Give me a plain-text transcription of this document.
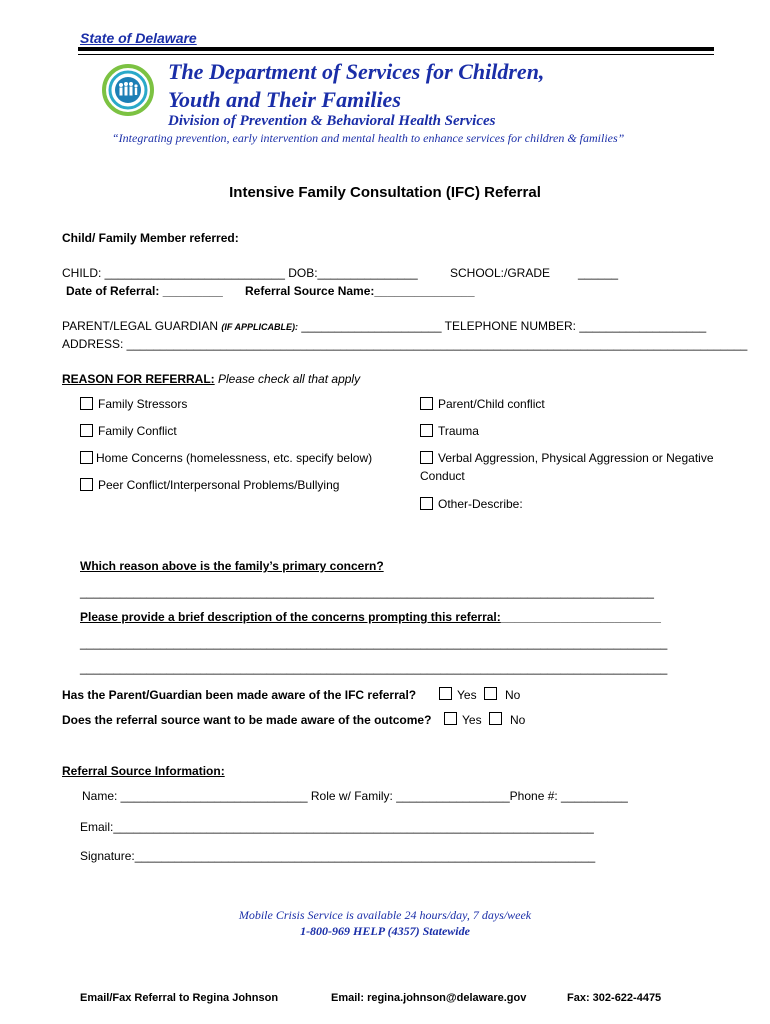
State of Delaware
The Department of Services for Children,
Youth and Their Families
Division of Prevention & Behavioral Health Services
“Integrating prevention, early intervention and mental health to enhance services for children & families”
Intensive Family Consultation (IFC) Referral
Child/ Family Member referred:
CHILD: ___________________________ DOB:_______________	SCHOOL:/GRADE ______
Date of Referral: _________ Referral Source Name:_______________
PARENT/LEGAL GUARDIAN (IF APPLICABLE): _____________________ TELEPHONE NUMBER: ___________________
ADDRESS: _____________________________________________________________________________________________
REASON FOR REFERRAL: Please check all that apply
Family Stressors
Family Conflict
Home Concerns (homelessness, etc. specify below)
Peer Conflict/Interpersonal Problems/Bullying
Parent/Child conflict
Trauma
Verbal Aggression, Physical Aggression or Negative
Conduct
Other-Describe:
Which reason above is the family’s primary concern?
______________________________________________________________________________________
Please provide a brief description of the concerns prompting this referral:________________________
________________________________________________________________________________________
________________________________________________________________________________________
Has the Parent/Guardian been made aware of the IFC referral?	Yes No
Does the referral source want to be made aware of the outcome?	Yes No
Referral Source Information:
Name: ____________________________ Role w/ Family: _________________Phone #: __________
Email:________________________________________________________________________
Signature:_____________________________________________________________________
Mobile Crisis Service is available 24 hours/day, 7 days/week
1-800-969 HELP (4357) Statewide
Email/Fax Referral to Regina Johnson	Email: regina.johnson@delaware.gov	Fax: 302-622-4475
